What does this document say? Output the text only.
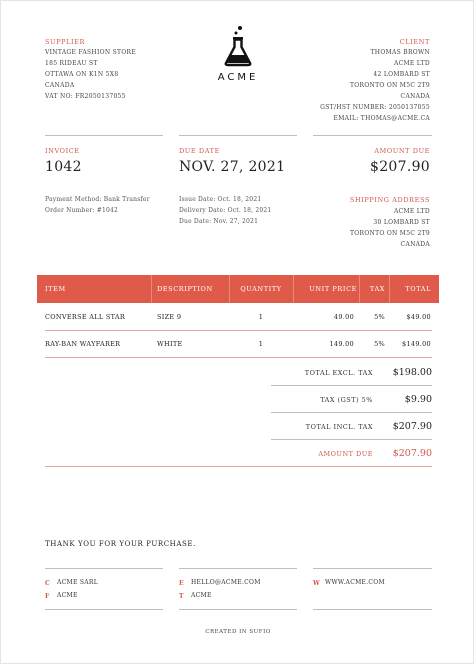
SUPPLIER
VINTAGE FASHION STORE
185 RIDEAU ST
OTTAWA ON K1N 5X8
CANADA
VAT NO: FR2050137055
ACME
CLIENT
THOMAS BROWN
ACME LTD
42 LOMBARD ST
TORONTO ON M5C 2T9
CANADA
GST/HST NUMBER: 2050137055
EMAIL: THOMAS@ACME.CA
INVOICE
1042
Payment Method: Bank Transfer
Order Number: #1042
DUE DATE
NOV. 27, 2021
Issue Date: Oct. 18, 2021
Delivery Date: Oct. 18, 2021
Due Date: Nov. 27, 2021
AMOUNT DUE
$207.90
SHIPPING ADDRESS
ACME LTD
30 LOMBARD ST
TORONTO ON M5C 2T9
CANADA
ITEM	DESCRIPTION	QUANTITY	UNIT PRICE	TAX	TOTAL
CONVERSE ALL STAR	SIZE 9	1	49.00	5%	$49.00
RAY-BAN WAYFARER	WHITE	1	149.00	5%	$149.00
TOTAL EXCL. TAX	$198.00
TAX (GST) 5%	$9.90
TOTAL INCL. TAX	$207.90
AMOUNT DUE	$207.90
THANK YOU FOR YOUR PURCHASE.
C ACME SARL
F ACME
E HELLO@ACME.COM
T ACME
W WWW.ACME.COM
CREATED IN SUFIO
